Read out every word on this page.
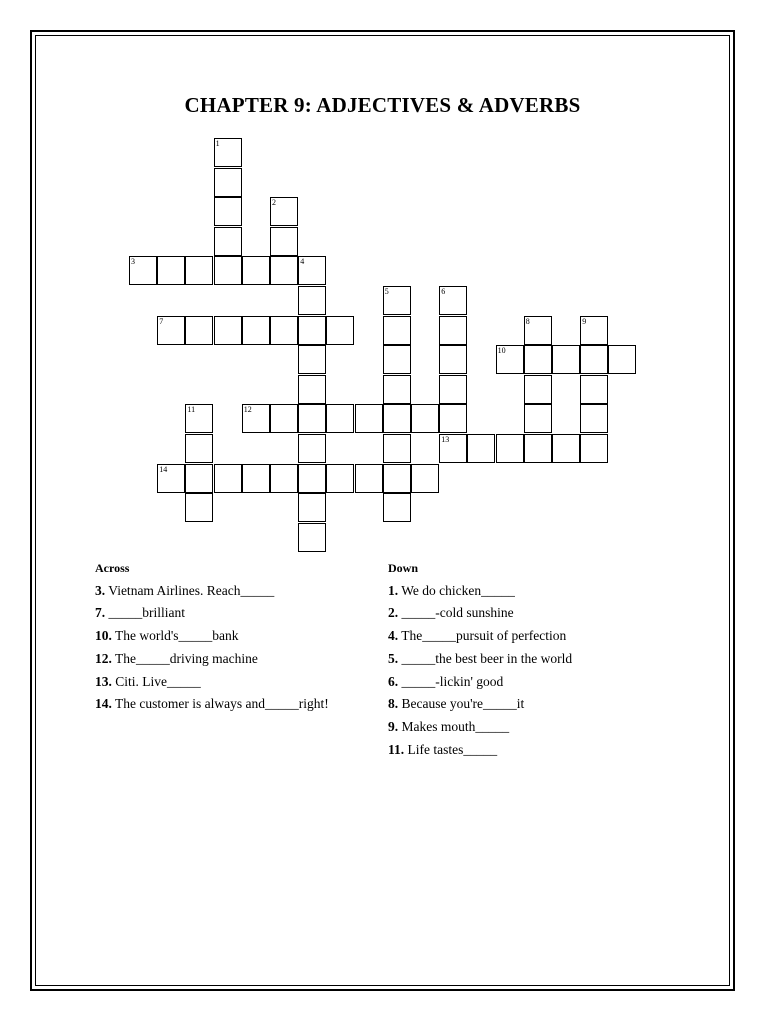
CHAPTER 9: ADJECTIVES & ADVERBS
1
2
3	4
5	6
7	8	9
10
11	12
13
14
Across
3. Vietnam Airlines. Reach_____
7. _____brilliant
10. The world's_____bank
12. The_____driving machine
13. Citi. Live_____
14. The customer is always and_____right!
Down
1. We do chicken_____
2. _____-cold sunshine
4. The_____pursuit of perfection
5. _____the best beer in the world
6. _____-lickin' good
8. Because you're_____it
9. Makes mouth_____
11. Life tastes_____
